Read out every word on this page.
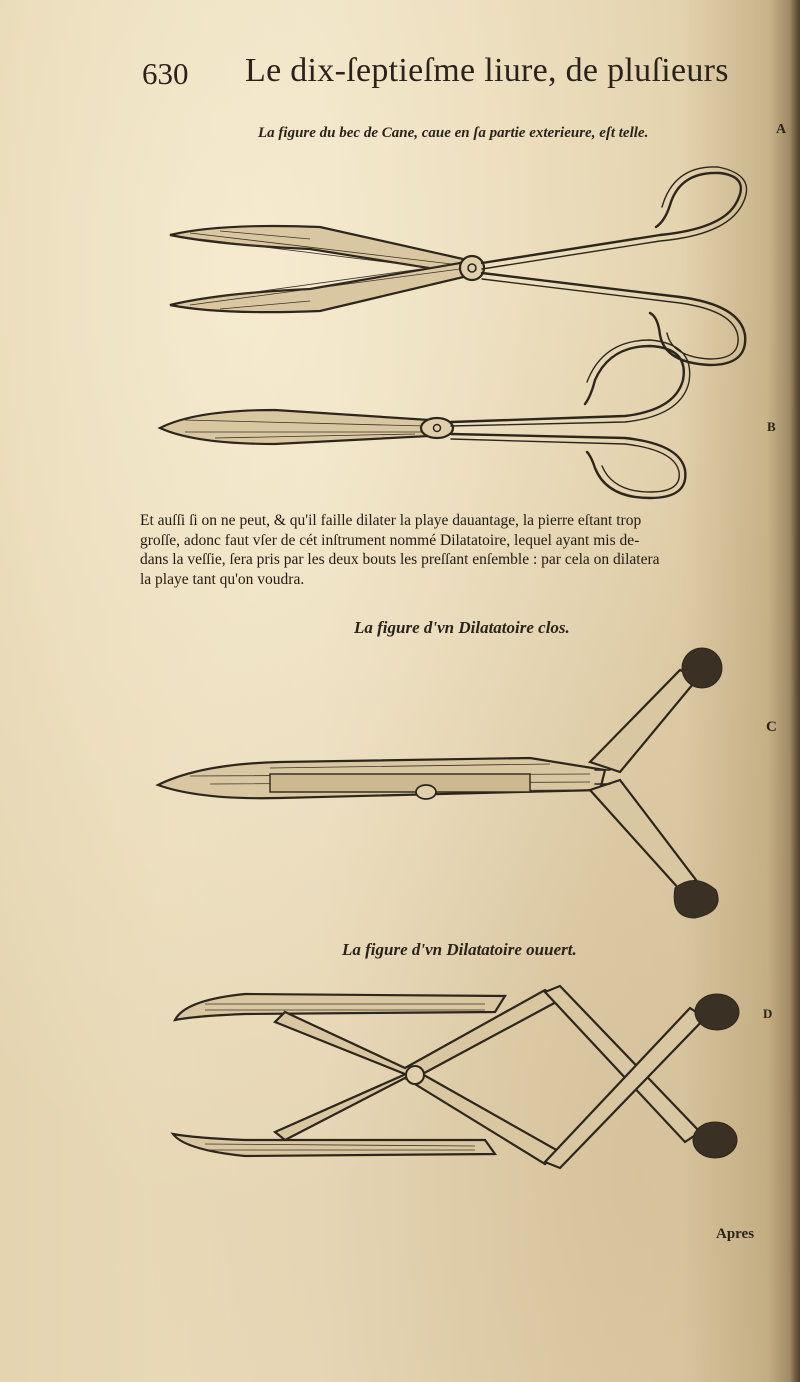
630 Le dix-ſeptieſme liure, de pluſieurs
La figure du bec de Cane, caue en ſa partie exterieure, eſt telle.	A
B
Et auſſi ſi on ne peut, & qu'il faille dilater la playe dauantage, la pierre eſtant trop
groſſe, adonc faut vſer de cét inſtrument nommé Dilatatoire, lequel ayant mis de-
dans la veſſie, ſera pris par les deux bouts les preſſant enſemble : par cela on dilatera
la playe tant qu'on voudra.
La figure d'vn Dilatatoire clos.
C
La figure d'vn Dilatatoire ouuert.
D
Apres
